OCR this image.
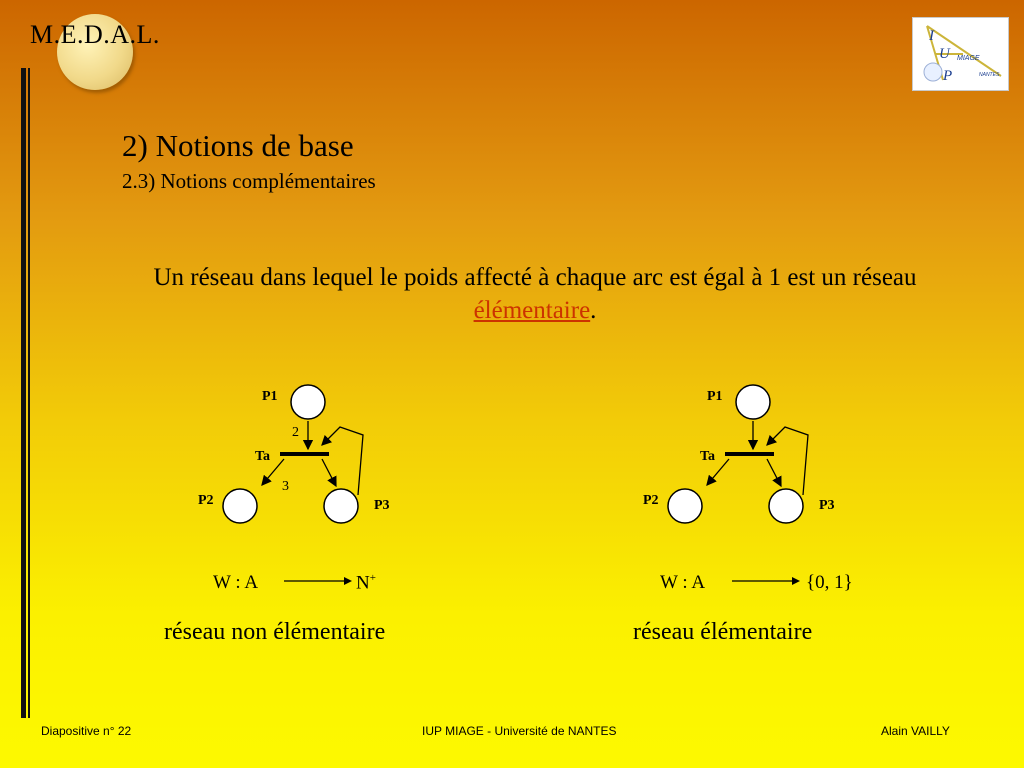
M.E.D.A.L.	I
U
P
MIAGE
NANTES
2) Notions de base
2.3) Notions complémentaires
Un réseau dans lequel le poids affecté à chaque arc est égal à 1 est un réseau élémentaire.
P1
Ta
P2	P3
2
3
W : A	N+
réseau non élémentaire
P1
Ta
P2	P3
W : A	{0, 1}
réseau élémentaire
Diapositive n° 22	IUP MIAGE - Université de NANTES	Alain VAILLY
